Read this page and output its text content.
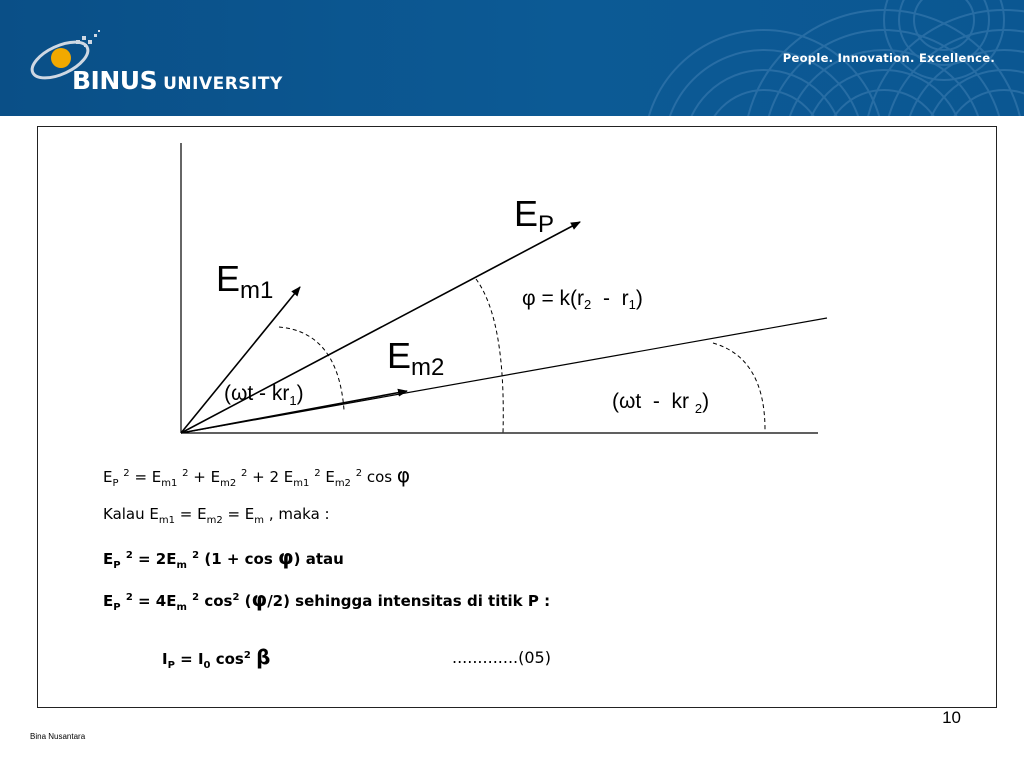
BINUS UNIVERSITY
People. Innovation. Excellence.
EP
Em1
Em2
φ = k(r2  -  r1)
$(\omega t - kr_1)$	(ωt  -  kr $_2$)
$E_P$ $^2 = E_{m1}$ $^2 + E_{m2}$ $^2$ + 2 $E_{m1}$ $^2$ $E_{m2}$ $^2$ cos φ
Kalau $E_{m1} = E_{m2} = E_m$ , maka :
$E_P$ $^2 = 2E_m$ $^2$ (1 + cos φ) atau
$E_P$ $^2 = 4E_m$ $^2$ $\cos^2 (\varphi/2)$ sehingga intensitas di titik P :
$I_P = I_0$ $\cos^2 \beta$	.............(05)
10
Bina Nusantara
